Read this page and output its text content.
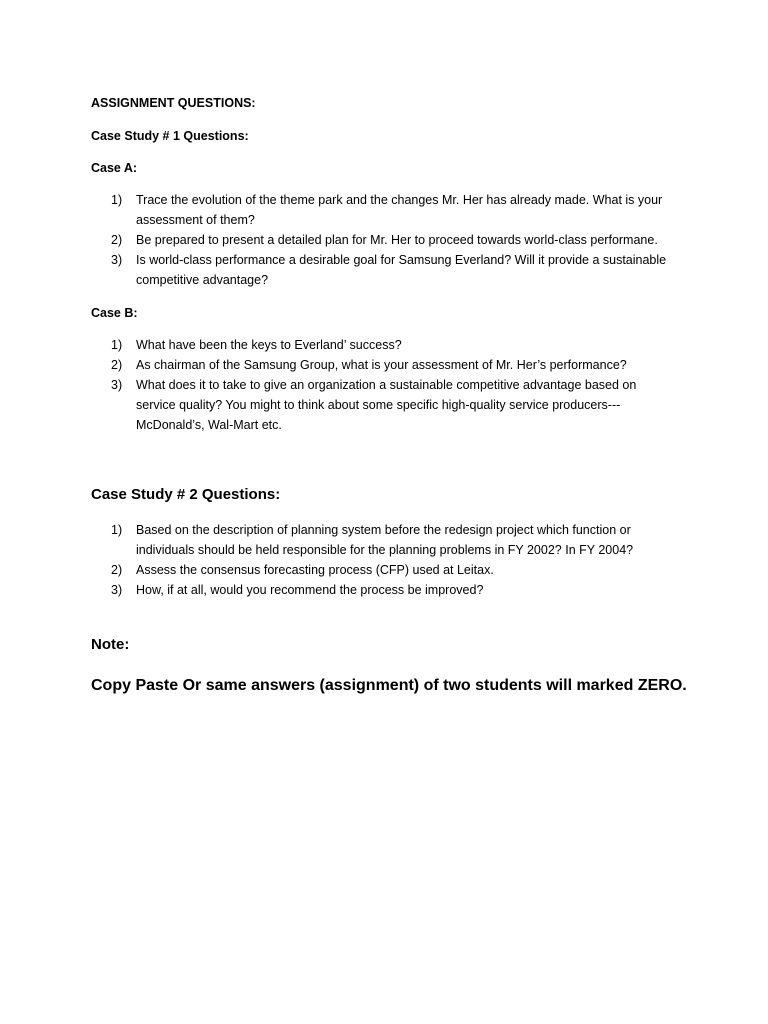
ASSIGNMENT QUESTIONS:
Case Study # 1 Questions:
Case A:
1) Trace the evolution of the theme park and the changes Mr. Her has already made. What is your
assessment of them?
2) Be prepared to present a detailed plan for Mr. Her to proceed towards world-class performane.
3) Is world-class performance a desirable goal for Samsung Everland? Will it provide a sustainable
competitive advantage?
Case B:
1) What have been the keys to Everland’ success?
2) As chairman of the Samsung Group, what is your assessment of Mr. Her’s performance?
3) What does it to take to give an organization a sustainable competitive advantage based on
service quality? You might to think about some specific high-quality service producers---
McDonald’s, Wal-Mart etc.
Case Study # 2 Questions:
1) Based on the description of planning system before the redesign project which function or
individuals should be held responsible for the planning problems in FY 2002? In FY 2004?
2) Assess the consensus forecasting process (CFP) used at Leitax.
3) How, if at all, would you recommend the process be improved?
Note:
Copy Paste Or same answers (assignment) of two students will marked ZERO.
